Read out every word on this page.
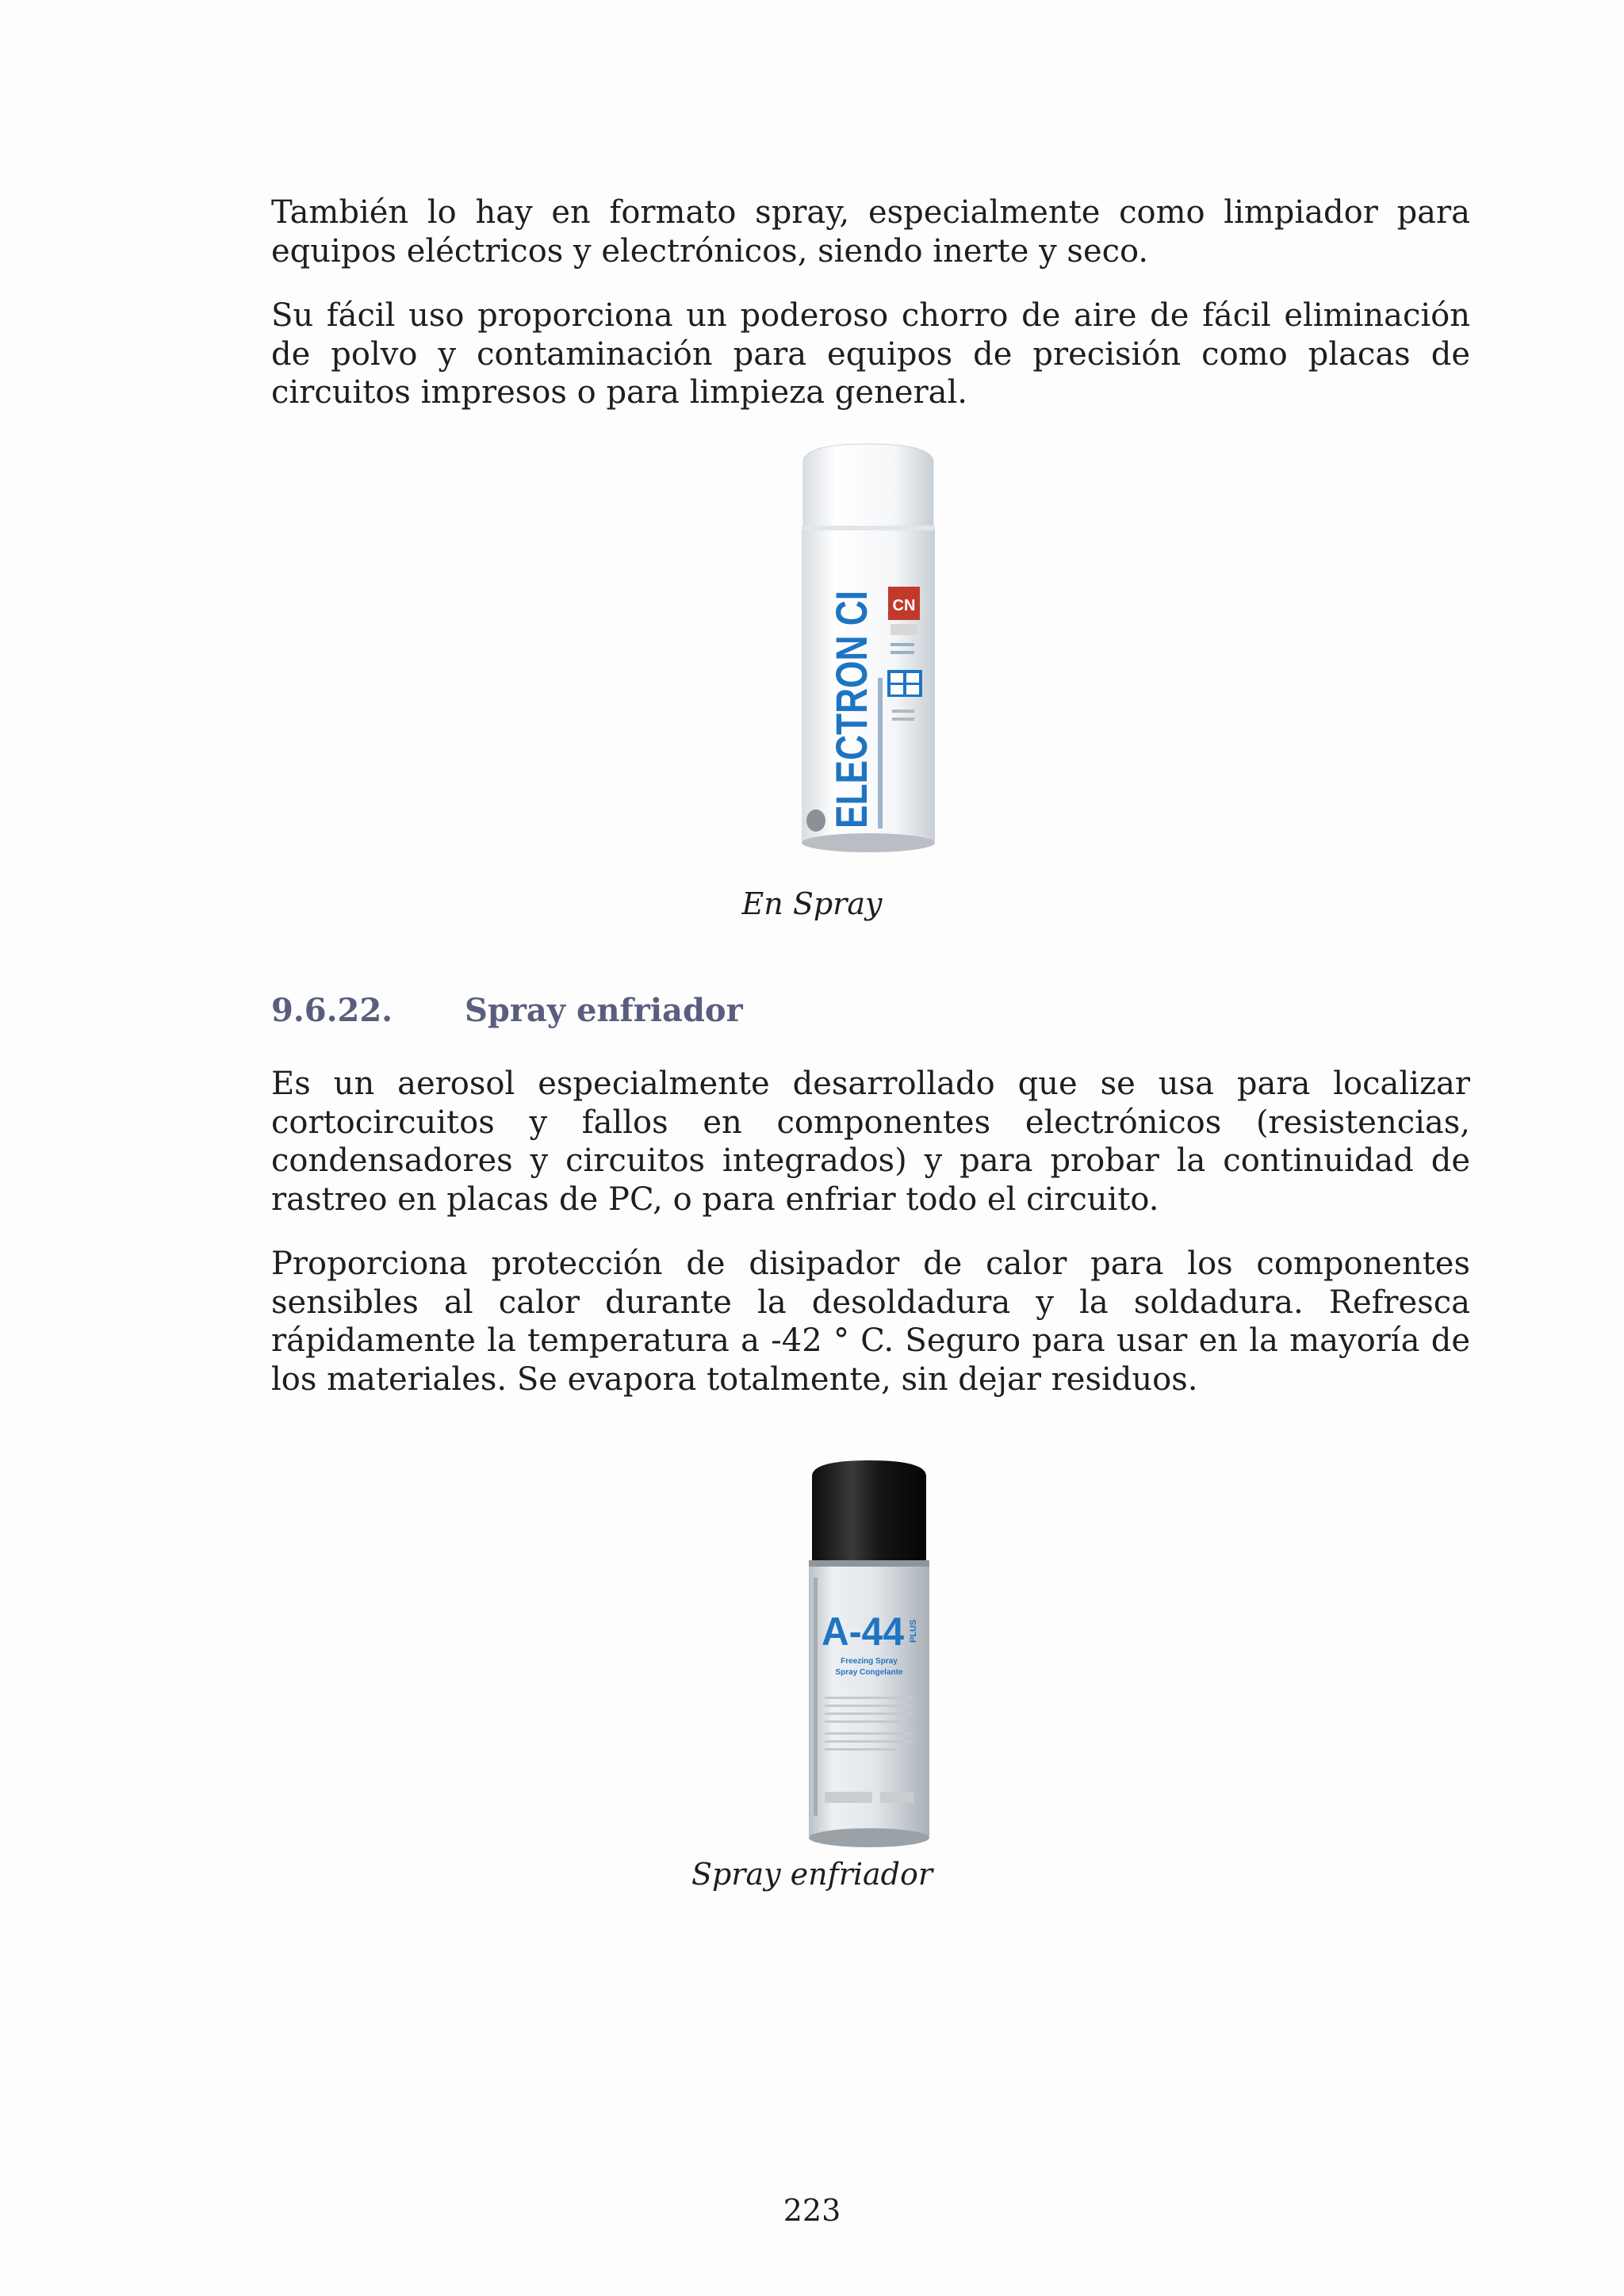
También lo hay en formato spray, especialmente como limpiador para equipos eléctricos y electrónicos, siendo inerte y seco.

Su fácil uso proporciona un poderoso chorro de aire de fácil eliminación de polvo y contaminación para equipos de precisión como placas de circuitos impresos o para limpieza general.

ELECTRON CI CN

En Spray

9.6.22. Spray enfriador

Es un aerosol especialmente desarrollado que se usa para localizar cortocircuitos y fallos en componentes electrónicos (resistencias, condensadores y circuitos integrados) y para probar la continuidad de rastreo en placas de PC, o para enfriar todo el circuito.

Proporciona protección de disipador de calor para los componentes sensibles al calor durante la desoldadura y la soldadura. Refresca rápidamente la temperatura a -42 ° C. Seguro para usar en la mayoría de los materiales. Se evapora totalmente, sin dejar residuos.

A-44 PLUS
Freezing Spray
Spray Congelante

Spray enfriador

223
